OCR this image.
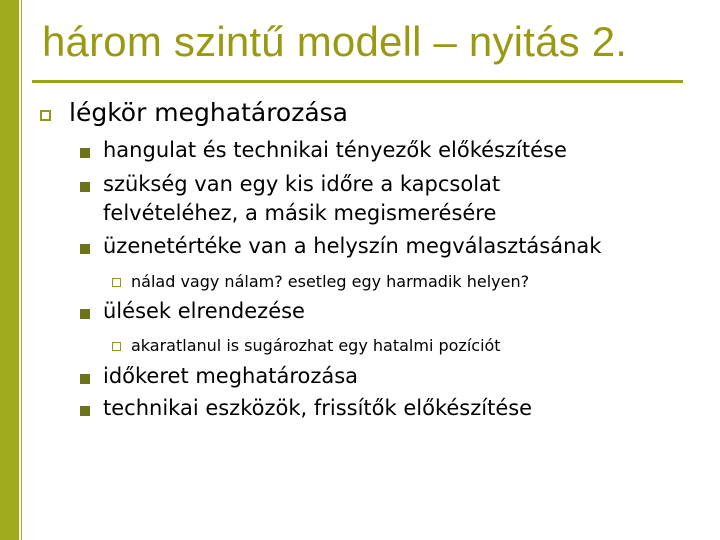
három szintű modell – nyitás 2.
légkör meghatározása
hangulat és technikai tényezők előkészítése
szükség van egy kis időre a kapcsolat
felvételéhez, a másik megismerésére
üzenetértéke van a helyszín megválasztásának
nálad vagy nálam? esetleg egy harmadik helyen?
ülések elrendezése
akaratlanul is sugározhat egy hatalmi pozíciót
időkeret meghatározása
technikai eszközök, frissítők előkészítése
